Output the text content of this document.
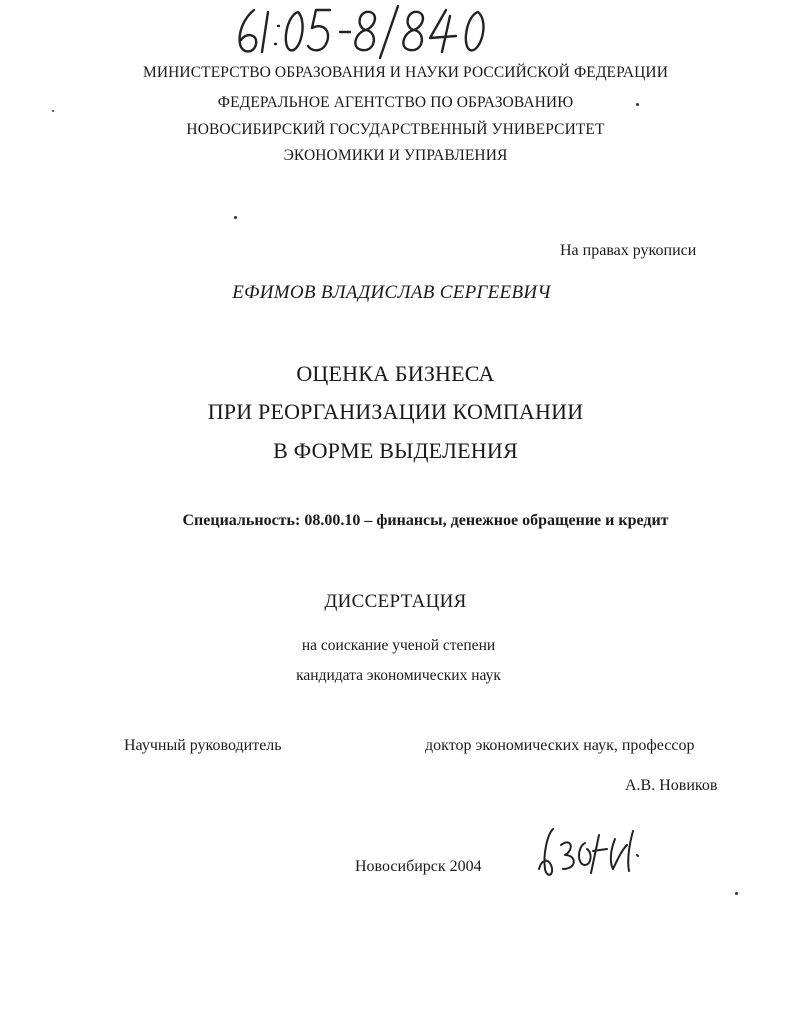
МИНИСТЕРСТВО ОБРАЗОВАНИЯ И НАУКИ РОССИЙСКОЙ ФЕДЕРАЦИИ
ФЕДЕРАЛЬНОЕ АГЕНТСТВО ПО ОБРАЗОВАНИЮ
НОВОСИБИРСКИЙ ГОСУДАРСТВЕННЫЙ УНИВЕРСИТЕТ
ЭКОНОМИКИ И УПРАВЛЕНИЯ
На правах рукописи
ЕФИМОВ ВЛАДИСЛАВ СЕРГЕЕВИЧ
ОЦЕНКА БИЗНЕСА
ПРИ РЕОРГАНИЗАЦИИ КОМПАНИИ
В ФОРМЕ ВЫДЕЛЕНИЯ
Специальность: 08.00.10 – финансы, денежное обращение и кредит
ДИССЕРТАЦИЯ
на соискание ученой степени
кандидата экономических наук
Научный руководитель	доктор экономических наук, профессор
А.В. Новиков
Новосибирск 2004
